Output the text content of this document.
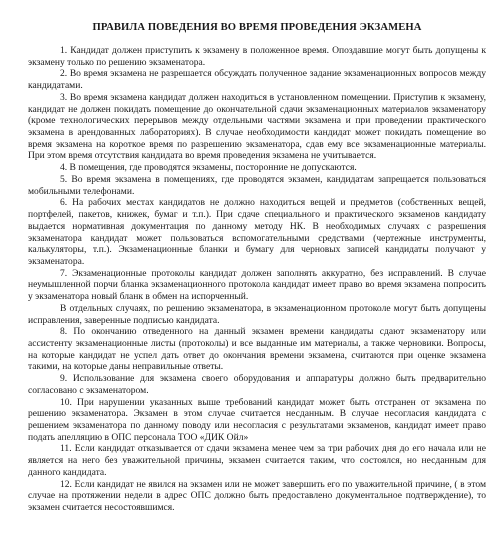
ПРАВИЛА ПОВЕДЕНИЯ ВО ВРЕМЯ ПРОВЕДЕНИЯ ЭКЗАМЕНА

1. Кандидат должен приступить к экзамену в положенное время. Опоздавшие могут быть допущены к экзамену только по решению экзаменатора.

2. Во время экзамена не разрешается обсуждать полученное задание экзаменационных вопросов между кандидатами.

3. Во время экзамена кандидат должен находиться в установленном помещении. Приступив к экзамену, кандидат не должен покидать помещение до окончательной сдачи экзаменационных материалов экзаменатору (кроме технологических перерывов между отдельными частями экзамена и при проведении практического экзамена в арендованных лабораториях). В случае необходимости кандидат может покидать помещение во время экзамена на короткое время по разрешению экзаменатора, сдав ему все экзаменационные материалы. При этом время отсутствия кандидата во время проведения экзамена не учитывается.

4. В помещения, где проводятся экзамены, посторонние не допускаются.

5. Во время экзамена в помещениях, где проводятся экзамен, кандидатам запрещается пользоваться мобильными телефонами.

6. На рабочих местах кандидатов не должно находиться вещей и предметов (собственных вещей, портфелей, пакетов, книжек, бумаг и т.п.). При сдаче специального и практического экзаменов кандидату выдается нормативная документация по данному методу НК. В необходимых случаях с разрешения экзаменатора кандидат может пользоваться вспомогательными средствами (чертежные инструменты, калькуляторы, т.п.). Экзаменационные бланки и бумагу для черновых записей кандидаты получают у экзаменатора.

7. Экзаменационные протоколы кандидат должен заполнять аккуратно, без исправлений. В случае неумышленной порчи бланка экзаменационного протокола кандидат имеет право во время экзамена попросить у экзаменатора новый бланк в обмен на испорченный.

В отдельных случаях, по решению экзаменатора, в экзаменационном протоколе могут быть допущены исправления, заверенные подписью кандидата.

8. По окончанию отведенного на данный экзамен времени кандидаты сдают экзаменатору или ассистенту экзаменационные листы (протоколы) и все выданные им материалы, а также черновики. Вопросы, на которые кандидат не успел дать ответ до окончания времени экзамена, считаются при оценке экзамена такими, на которые даны неправильные ответы.

9. Использование для экзамена своего оборудования и аппаратуры должно быть предварительно согласовано с экзаменатором.

10. При нарушении указанных выше требований кандидат может быть отстранен от экзамена по решению экзаменатора. Экзамен в этом случае считается несданным. В случае несогласия кандидата с решением экзаменатора по данному поводу или несогласия с результатами экзаменов, кандидат имеет право подать апелляцию в ОПС персонала ТОО «ДИК Ойл»

11. Если кандидат отказывается от сдачи экзамена менее чем за три рабочих дня до его начала или не является на него без уважительной причины, экзамен считается таким, что состоялся, но несданным для данного кандидата.

12. Если кандидат не явился на экзамен или не может завершить его по уважительной причине, ( в этом случае на протяжении недели в адрес ОПС должно быть предоставлено документальное подтверждение), то экзамен считается несостоявшимся.
